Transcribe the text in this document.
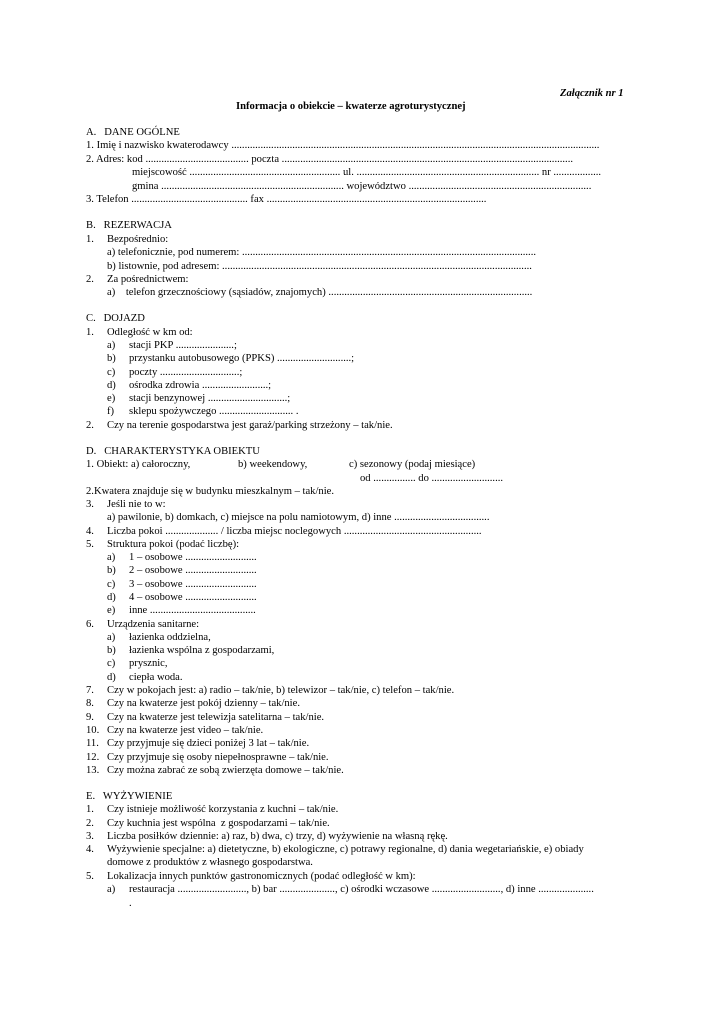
Załącznik nr 1
Informacja o obiekcie – kwaterze agroturystycznej
A.   DANE OGÓLNE
1. Imię i nazwisko kwaterodawcy ...........................................................................................................................................
2. Adres: kod ....................................... poczta ..............................................................................................................
miejscowość ......................................................... ul. ..................................................................... nr ..................
gmina ..................................................................... województwo .....................................................................
3. Telefon ............................................ fax ...................................................................................
B.   REZERWACJA
1. Bezpośrednio:
a) telefonicznie, pod numerem: ...............................................................................................................
b) listownie, pod adresem: .....................................................................................................................
2. Za pośrednictwem:
a)    telefon grzecznościowy (sąsiadów, znajomych) .............................................................................
C.   DOJAZD
1. Odległość w km od:
a) stacji PKP ......................;
b) przystanku autobusowego (PPKS) ............................;
c) poczty ..............................;
d) ośrodka zdrowia .........................;
e) stacji benzynowej ..............................;
f) sklepu spożywczego ............................ .
2. Czy na terenie gospodarstwa jest garaż/parking strzeżony – tak/nie.
D.   CHARAKTERYSTYKA OBIEKTU
1. Obiekt: a) całoroczny,	b) weekendowy,	c) sezonowy (podaj miesiące)
od ................ do ...........................
2.Kwatera znajduje się w budynku mieszkalnym – tak/nie.
3. Jeśli nie to w:
a) pawilonie, b) domkach, c) miejsce na polu namiotowym, d) inne ....................................
4. Liczba pokoi .................... / liczba miejsc noclegowych ....................................................
5. Struktura pokoi (podać liczbę):
a) 1 – osobowe ...........................
b) 2 – osobowe ...........................
c) 3 – osobowe ...........................
d) 4 – osobowe ...........................
e) inne ........................................
6. Urządzenia sanitarne:
a) łazienka oddzielna,
b) łazienka wspólna z gospodarzami,
c) prysznic,
d) ciepła woda.
7. Czy w pokojach jest: a) radio – tak/nie, b) telewizor – tak/nie, c) telefon – tak/nie.
8. Czy na kwaterze jest pokój dzienny – tak/nie.
9. Czy na kwaterze jest telewizja satelitarna – tak/nie.
10. Czy na kwaterze jest video – tak/nie.
11. Czy przyjmuje się dzieci poniżej 3 lat – tak/nie.
12. Czy przyjmuje się osoby niepełnosprawne – tak/nie.
13. Czy można zabrać ze sobą zwierzęta domowe – tak/nie.
E.   WYŻYWIENIE
1. Czy istnieje możliwość korzystania z kuchni – tak/nie.
2. Czy kuchnia jest wspólna  z gospodarzami – tak/nie.
3. Liczba posiłków dziennie: a) raz, b) dwa, c) trzy, d) wyżywienie na własną rękę.
4. Wyżywienie specjalne: a) dietetyczne, b) ekologiczne, c) potrawy regionalne, d) dania wegetariańskie, e) obiady
domowe z produktów z własnego gospodarstwa.
5. Lokalizacja innych punktów gastronomicznych (podać odległość w km):
a) restauracja .........................., b) bar ....................., c) ośrodki wczasowe .........................., d) inne .....................
.
